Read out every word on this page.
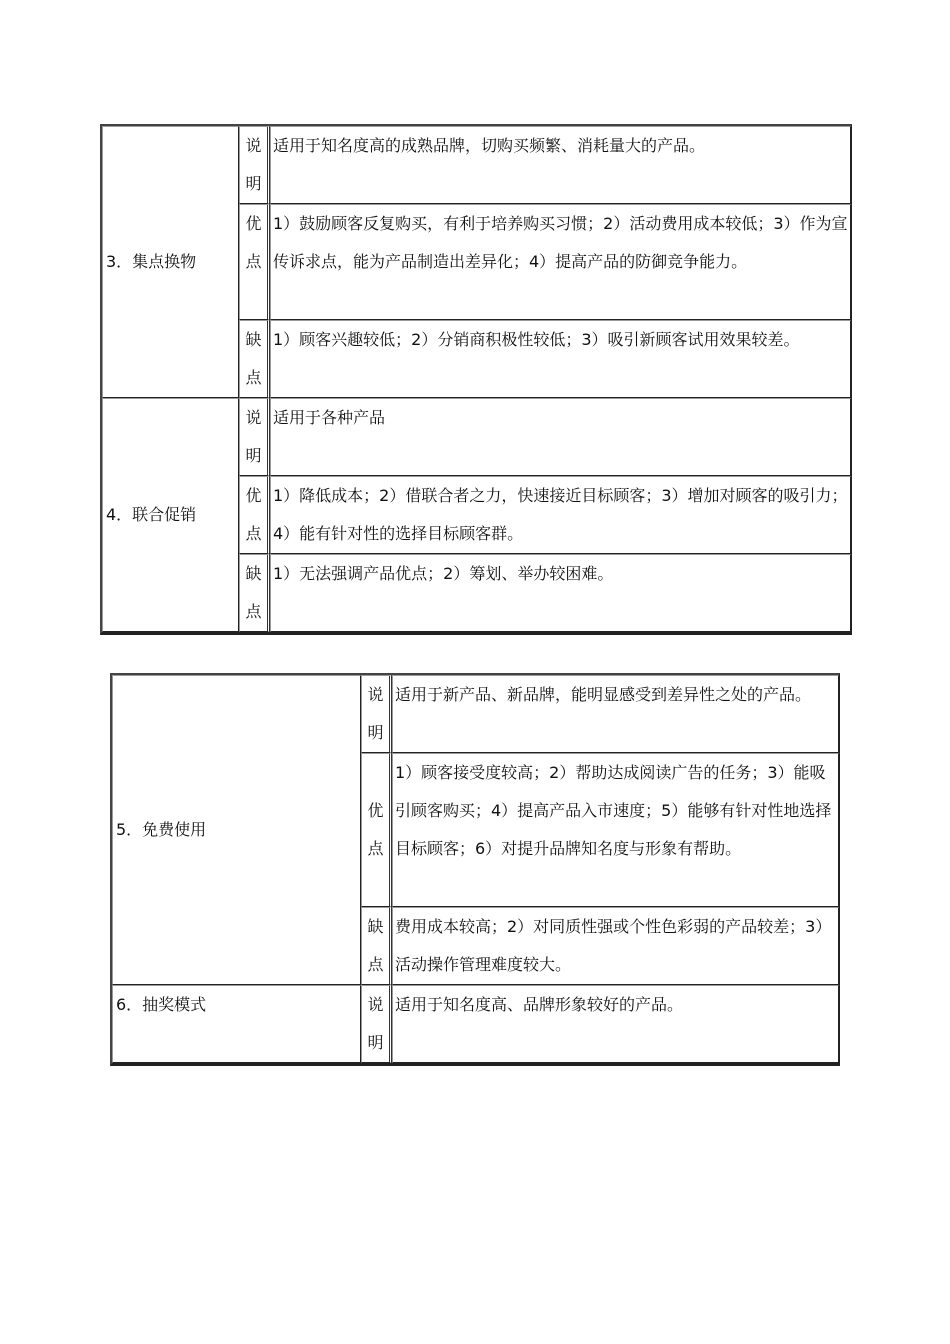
3．集点换物	说明	适用于知名度高的成熟品牌，切购买频繁、消耗量大的产品。
	优点	1）鼓励顾客反复购买，有利于培养购买习惯；2）活动费用成本较低；3）作为宣传诉求点，能为产品制造出差异化；4）提高产品的防御竞争能力。
	缺点	1）顾客兴趣较低；2）分销商积极性较低；3）吸引新顾客试用效果较差。
4．联合促销	说明	适用于各种产品
	优点	1）降低成本；2）借联合者之力，快速接近目标顾客；3）增加对顾客的吸引力；4）能有针对性的选择目标顾客群。
	缺点	1）无法强调产品优点；2）筹划、举办较困难。
5．免费使用	说明	适用于新产品、新品牌，能明显感受到差异性之处的产品。
	优点	1）顾客接受度较高；2）帮助达成阅读广告的任务；3）能吸引顾客购买；4）提高产品入市速度；5）能够有针对性地选择目标顾客；6）对提升品牌知名度与形象有帮助。
	缺点	费用成本较高；2）对同质性强或个性色彩弱的产品较差；3）活动操作管理难度较大。
6．抽奖模式	说明	适用于知名度高、品牌形象较好的产品。
